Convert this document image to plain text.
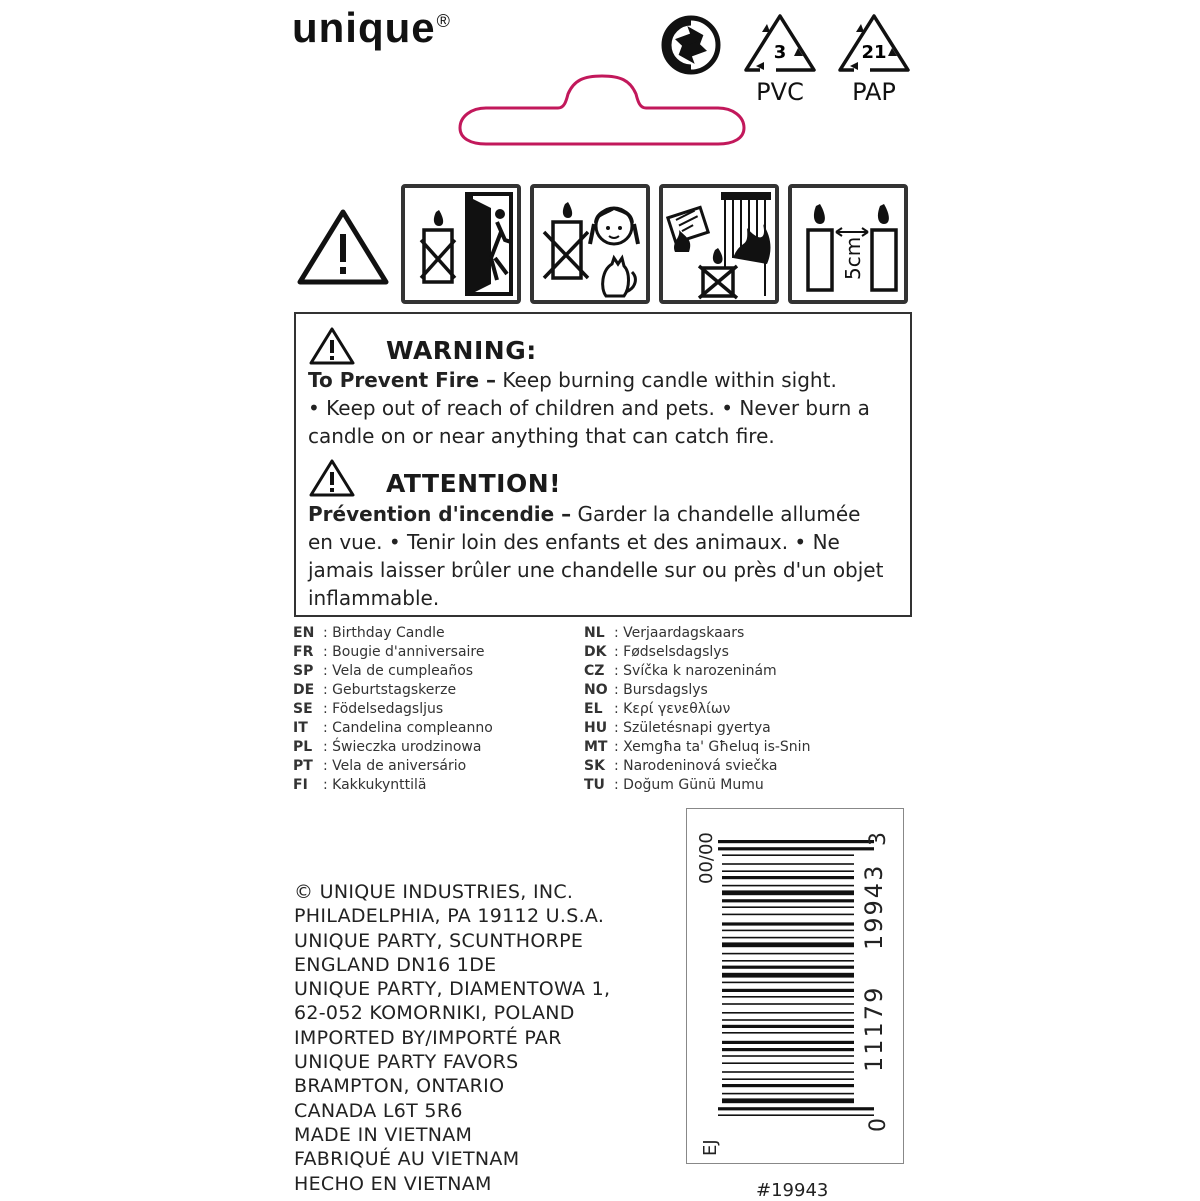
unique®
3
PVC
21
PAP
5cm
WARNING:
To Prevent Fire – Keep burning candle within sight.
• Keep out of reach of children and pets. • Never burn a
candle on or near anything that can catch fire.
ATTENTION!
Prévention d'incendie – Garder la chandelle allumée
en vue. • Tenir loin des enfants et des animaux. • Ne
jamais laisser brûler une chandelle sur ou près d'un objet
inflammable.
EN : Birthday Candle
FR : Bougie d'anniversaire
SP : Vela de cumpleaños
DE : Geburtstagskerze
SE : Födelsedagsljus
IT : Candelina compleanno
PL : Świeczka urodzinowa
PT : Vela de aniversário
FI : Kakkukynttilä
NL : Verjaardagskaars
DK : Fødselsdagslys
CZ : Svíčka k narozeninám
NO : Bursdagslys
EL : Κερί γενεθλίων
HU : Születésnapi gyertya
MT : Xemgħa ta' Għeluq is-Snin
SK : Narodeninová sviečka
TU : Doğum Günü Mumu
© UNIQUE INDUSTRIES, INC.
PHILADELPHIA, PA 19112 U.S.A.
UNIQUE PARTY, SCUNTHORPE
ENGLAND DN16 1DE
UNIQUE PARTY, DIAMENTOWA 1,
62-052 KOMORNIKI, POLAND
IMPORTED BY/IMPORTÉ PAR
UNIQUE PARTY FAVORS
BRAMPTON, ONTARIO
CANADA L6T 5R6
MADE IN VIETNAM
FABRIQUÉ AU VIETNAM
HECHO EN VIETNAM
00/00
EJ
0
11179
19943
3
#19943
